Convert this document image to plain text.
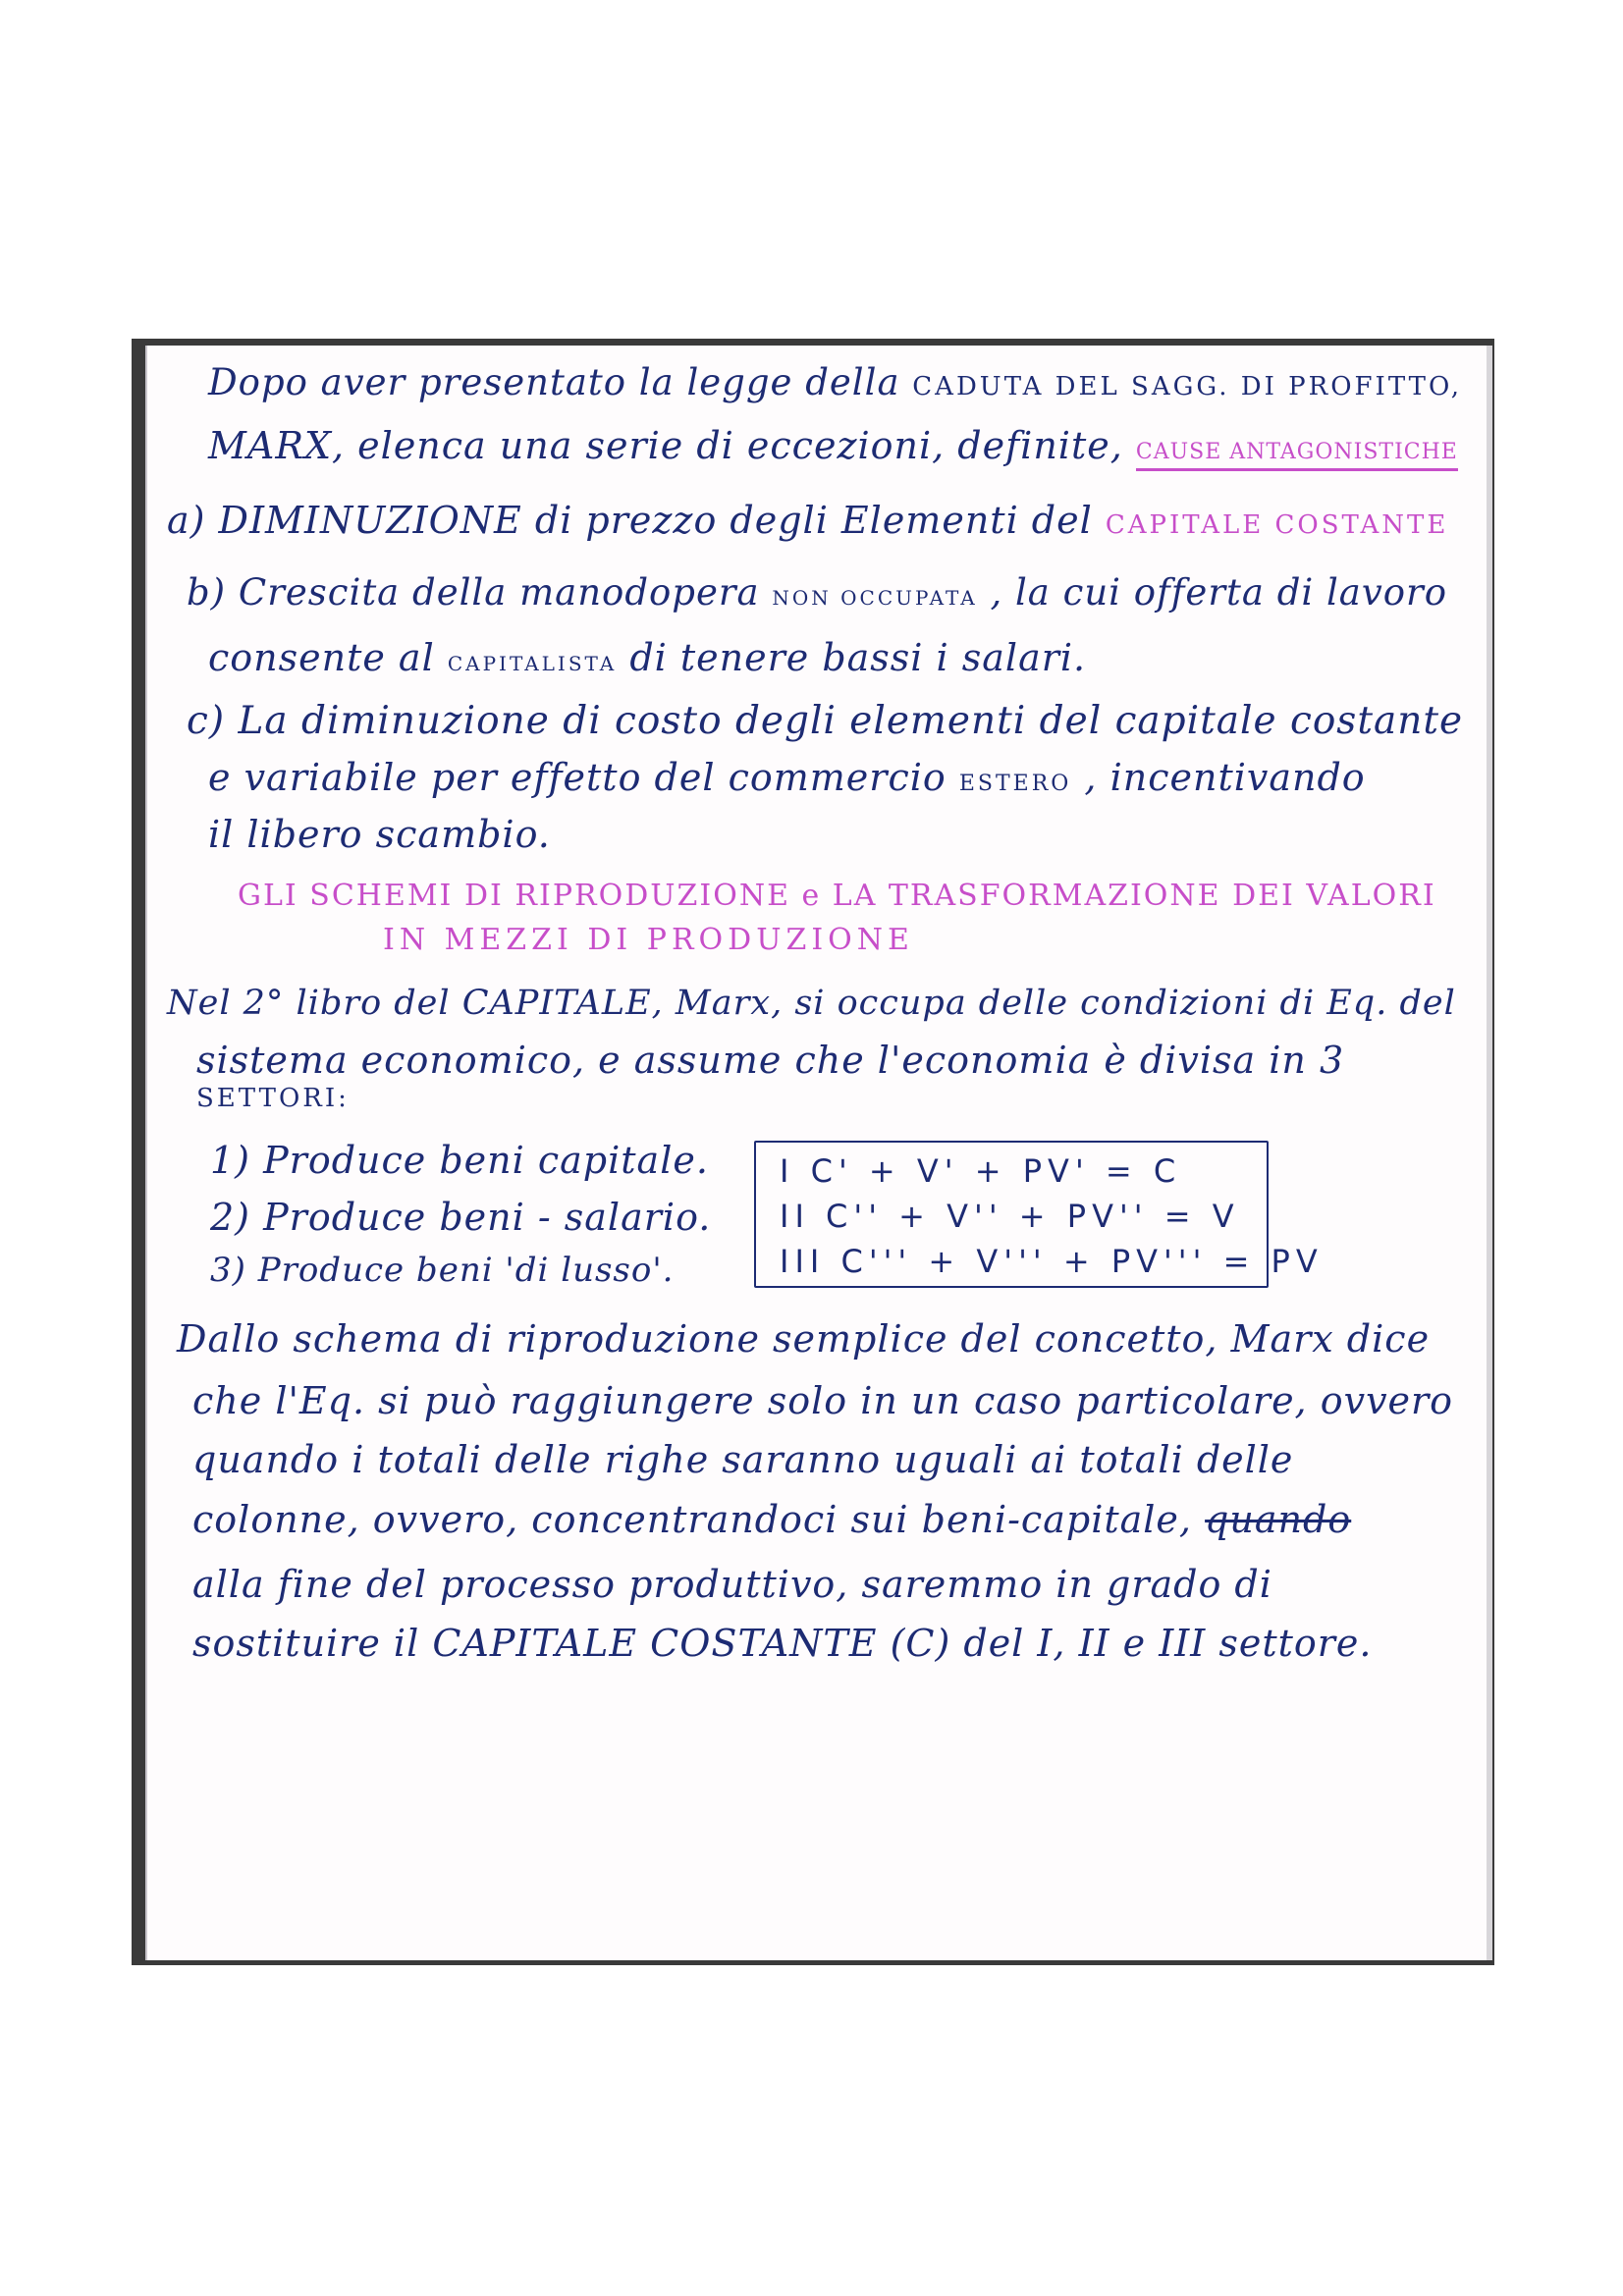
Dopo aver presentato la legge della CADUTA DEL SAGG. DI PROFITTO,
MARX, elenca una serie di eccezioni, definite, CAUSE ANTAGONISTICHE
a) DIMINUZIONE di prezzo degli Elementi del CAPITALE COSTANTE
b) Crescita della manodopera NON OCCUPATA , la cui offerta di lavoro
consente al CAPITALISTA di tenere bassi i salari.
c) La diminuzione di costo degli elementi del capitale costante
e variabile per effetto del commercio ESTERO , incentivando
il libero scambio.
GLI SCHEMI DI RIPRODUZIONE e LA TRASFORMAZIONE DEI VALORI
IN MEZZI DI PRODUZIONE
Nel 2° libro del CAPITALE, Marx, si occupa delle condizioni di Eq. del
sistema economico, e assume che l'economia è divisa in 3
SETTORI:
1) Produce beni capitale.
2) Produce beni - salario.
3) Produce beni 'di lusso'.
I C' + V' + PV' = C
II C'' + V'' + PV'' = V
III C''' + V''' + PV''' = PV
Dallo schema di riproduzione semplice del concetto, Marx dice
che l'Eq. si può raggiungere solo in un caso particolare, ovvero
quando i totali delle righe saranno uguali ai totali delle
colonne, ovvero, concentrandoci sui beni-capitale, quando
alla fine del processo produttivo, saremmo in grado di
sostituire il CAPITALE COSTANTE (C) del I, II e III settore.
